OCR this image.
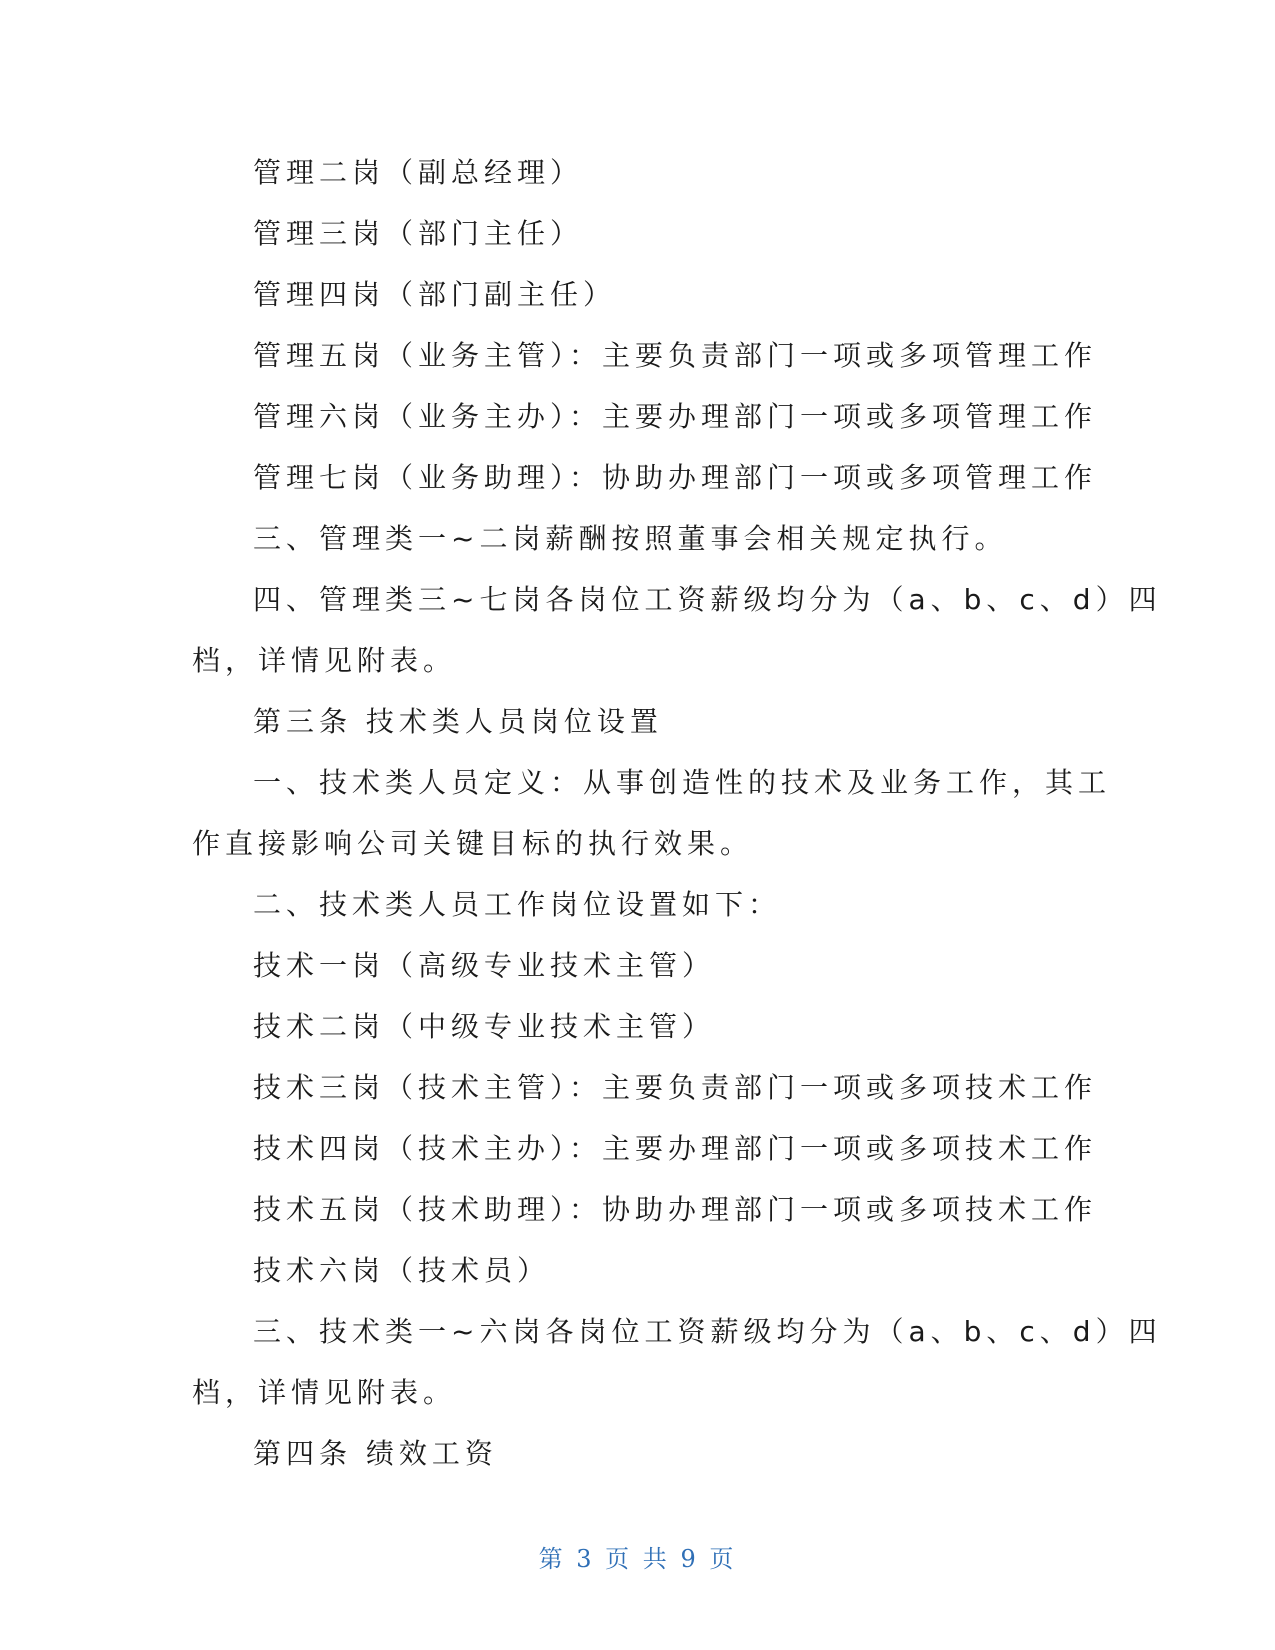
管理二岗（副总经理）
管理三岗（部门主任）
管理四岗（部门副主任）
管理五岗（业务主管）：主要负责部门一项或多项管理工作
管理六岗（业务主办）：主要办理部门一项或多项管理工作
管理七岗（业务助理）：协助办理部门一项或多项管理工作
三、管理类一~二岗薪酬按照董事会相关规定执行。
四、管理类三~七岗各岗位工资薪级均分为（a、b、c、d）四
档，详情见附表。
第三条 技术类人员岗位设置
一、技术类人员定义：从事创造性的技术及业务工作，其工
作直接影响公司关键目标的执行效果。
二、技术类人员工作岗位设置如下：
技术一岗（高级专业技术主管）
技术二岗（中级专业技术主管）
技术三岗（技术主管）：主要负责部门一项或多项技术工作
技术四岗（技术主办）：主要办理部门一项或多项技术工作
技术五岗（技术助理）：协助办理部门一项或多项技术工作
技术六岗（技术员）
三、技术类一~六岗各岗位工资薪级均分为（a、b、c、d）四
档，详情见附表。
第四条 绩效工资
第 3 页 共 9 页
